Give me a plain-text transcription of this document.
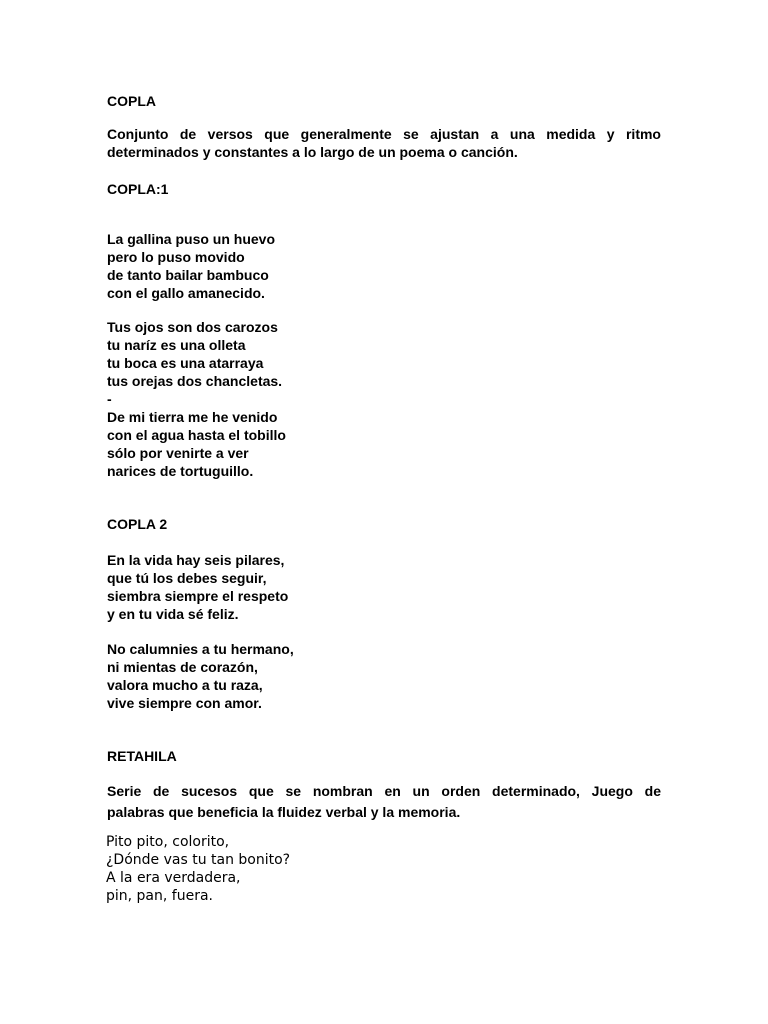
COPLA
Conjunto de versos que generalmente se ajustan a una medida y ritmo
determinados y constantes a lo largo de un poema o canción.
COPLA:1
La gallina puso un huevo
pero lo puso movido
de tanto bailar bambuco
con el gallo amanecido.
Tus ojos son dos carozos
tu naríz es una olleta
tu boca es una atarraya
tus orejas dos chancletas.
-
De mi tierra me he venido
con el agua hasta el tobillo
sólo por venirte a ver
narices de tortuguillo.
COPLA 2
En la vida hay seis pilares,
que tú los debes seguir,
siembra siempre el respeto
y en tu vida sé feliz.
No calumnies a tu hermano,
ni mientas de corazón,
valora mucho a tu raza,
vive siempre con amor.
RETAHILA
Serie de sucesos que se nombran en un orden determinado, Juego de
palabras que beneficia la fluidez verbal y la memoria.
Pito pito, colorito,
¿Dónde vas tu tan bonito?
A la era verdadera,
pin, pan, fuera.
